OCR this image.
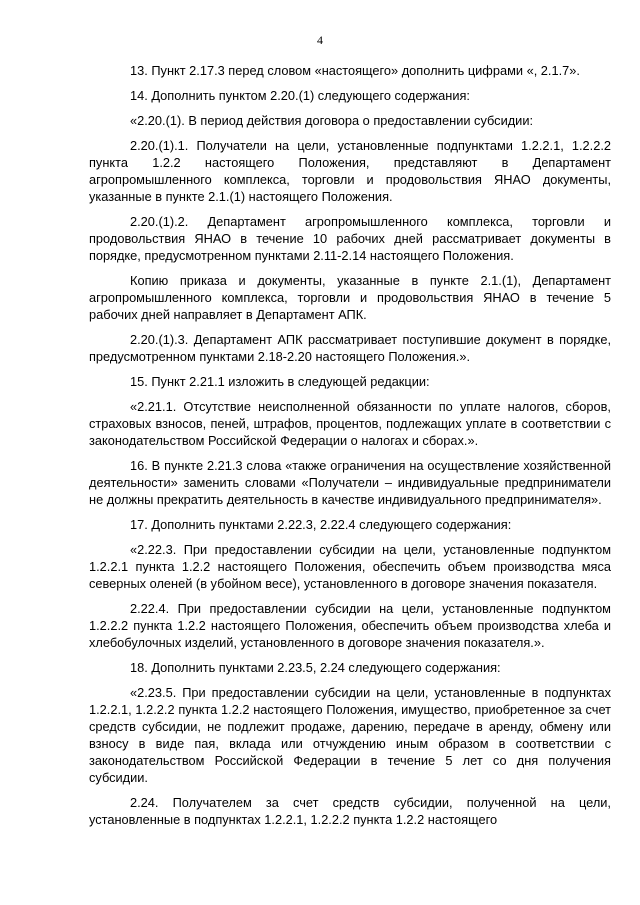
4

13. Пункт 2.17.3 перед словом «настоящего» дополнить цифрами «, 2.1.7».

14. Дополнить пунктом 2.20.(1) следующего содержания:

«2.20.(1). В период действия договора о предоставлении субсидии:

2.20.(1).1. Получатели на цели, установленные подпунктами 1.2.2.1, 1.2.2.2 пункта 1.2.2 настоящего Положения, представляют в Департамент агропромышленного комплекса, торговли и продовольствия ЯНАО документы, указанные в пункте 2.1.(1) настоящего Положения.

2.20.(1).2. Департамент агропромышленного комплекса, торговли и продовольствия ЯНАО в течение 10 рабочих дней рассматривает документы в порядке, предусмотренном пунктами 2.11-2.14 настоящего Положения.

Копию приказа и документы, указанные в пункте 2.1.(1), Департамент агропромышленного комплекса, торговли и продовольствия ЯНАО в течение 5 рабочих дней направляет в Департамент АПК.

2.20.(1).3. Департамент АПК рассматривает поступившие документ в порядке, предусмотренном пунктами 2.18-2.20 настоящего Положения.».

15. Пункт 2.21.1 изложить в следующей редакции:

«2.21.1. Отсутствие неисполненной обязанности по уплате налогов, сборов, страховых взносов, пеней, штрафов, процентов, подлежащих уплате в соответствии с законодательством Российской Федерации о налогах и сборах.».

16. В пункте 2.21.3 слова «также ограничения на осуществление хозяйственной деятельности» заменить словами «Получатели – индивидуальные предприниматели не должны прекратить деятельность в качестве индивидуального предпринимателя».

17. Дополнить пунктами 2.22.3, 2.22.4 следующего содержания:

«2.22.3. При предоставлении субсидии на цели, установленные подпунктом 1.2.2.1 пункта 1.2.2 настоящего Положения, обеспечить объем производства мяса северных оленей (в убойном весе), установленного в договоре значения показателя.

2.22.4. При предоставлении субсидии на цели, установленные подпунктом 1.2.2.2 пункта 1.2.2 настоящего Положения, обеспечить объем производства хлеба и хлебобулочных изделий, установленного в договоре значения показателя.».

18. Дополнить пунктами 2.23.5, 2.24 следующего содержания:

«2.23.5. При предоставлении субсидии на цели, установленные в подпунктах 1.2.2.1, 1.2.2.2 пункта 1.2.2 настоящего Положения, имущество, приобретенное за счет средств субсидии, не подлежит продаже, дарению, передаче в аренду, обмену или взносу в виде пая, вклада или отчуждению иным образом в соответствии с законодательством Российской Федерации в течение 5 лет со дня получения субсидии.

2.24. Получателем за счет средств субсидии, полученной на цели, установленные в подпунктах 1.2.2.1, 1.2.2.2 пункта 1.2.2 настоящего
